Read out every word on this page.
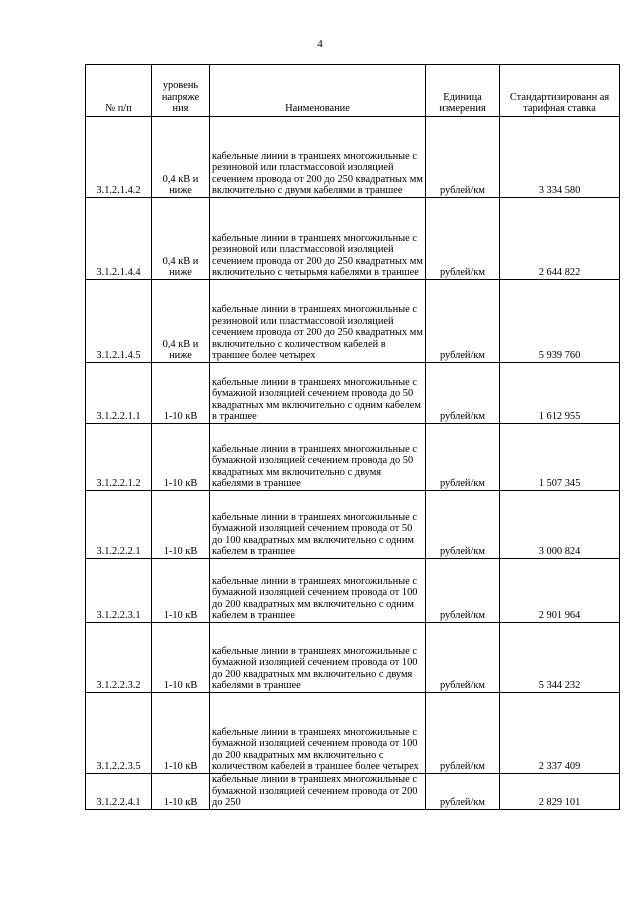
4
№ п/п	уровень напряже ния	Наименование	Единица измерения	Стандартизированн ая тарифная ставка
3.1.2.1.4.2	0,4 кВ и ниже	кабельные линии в траншеях многожильные с резиновой или пластмассовой изоляцией сечением провода от 200 до 250 квадратных мм включительно с двумя кабелями в траншее	рублей/км	3 334 580
3.1.2.1.4.4	0,4 кВ и ниже	кабельные линии в траншеях многожильные с резиновой или пластмассовой изоляцией сечением провода от 200 до 250 квадратных мм включительно с четырьмя кабелями в траншее	рублей/км	2 644 822
3.1.2.1.4.5	0,4 кВ и ниже	кабельные линии в траншеях многожильные с резиновой или пластмассовой изоляцией сечением провода от 200 до 250 квадратных мм включительно с количеством кабелей в траншее более четырех	рублей/км	5 939 760
3.1.2.2.1.1	1-10 кВ	кабельные линии в траншеях многожильные с бумажной изоляцией сечением провода до 50 квадратных мм включительно с одним кабелем в траншее	рублей/км	1 612 955
3.1.2.2.1.2	1-10 кВ	кабельные линии в траншеях многожильные с бумажной изоляцией сечением провода до 50 квадратных мм включительно с двумя кабелями в траншее	рублей/км	1 507 345
3.1.2.2.2.1	1-10 кВ	кабельные линии в траншеях многожильные с бумажной изоляцией сечением провода от 50 до 100 квадратных мм включительно с одним кабелем в траншее	рублей/км	3 000 824
3.1.2.2.3.1	1-10 кВ	кабельные линии в траншеях многожильные с бумажной изоляцией сечением провода от 100 до 200 квадратных мм включительно с одним кабелем в траншее	рублей/км	2 901 964
3.1.2.2.3.2	1-10 кВ	кабельные линии в траншеях многожильные с бумажной изоляцией сечением провода от 100 до 200 квадратных мм включительно с двумя кабелями в траншее	рублей/км	5 344 232
3.1.2.2.3.5	1-10 кВ	кабельные линии в траншеях многожильные с бумажной изоляцией сечением провода от 100 до 200 квадратных мм включительно с количеством кабелей в траншее более четырех	рублей/км	2 337 409
3.1.2.2.4.1	1-10 кВ	кабельные линии в траншеях многожильные с бумажной изоляцией сечением провода от 200 до 250	рублей/км	2 829 101
